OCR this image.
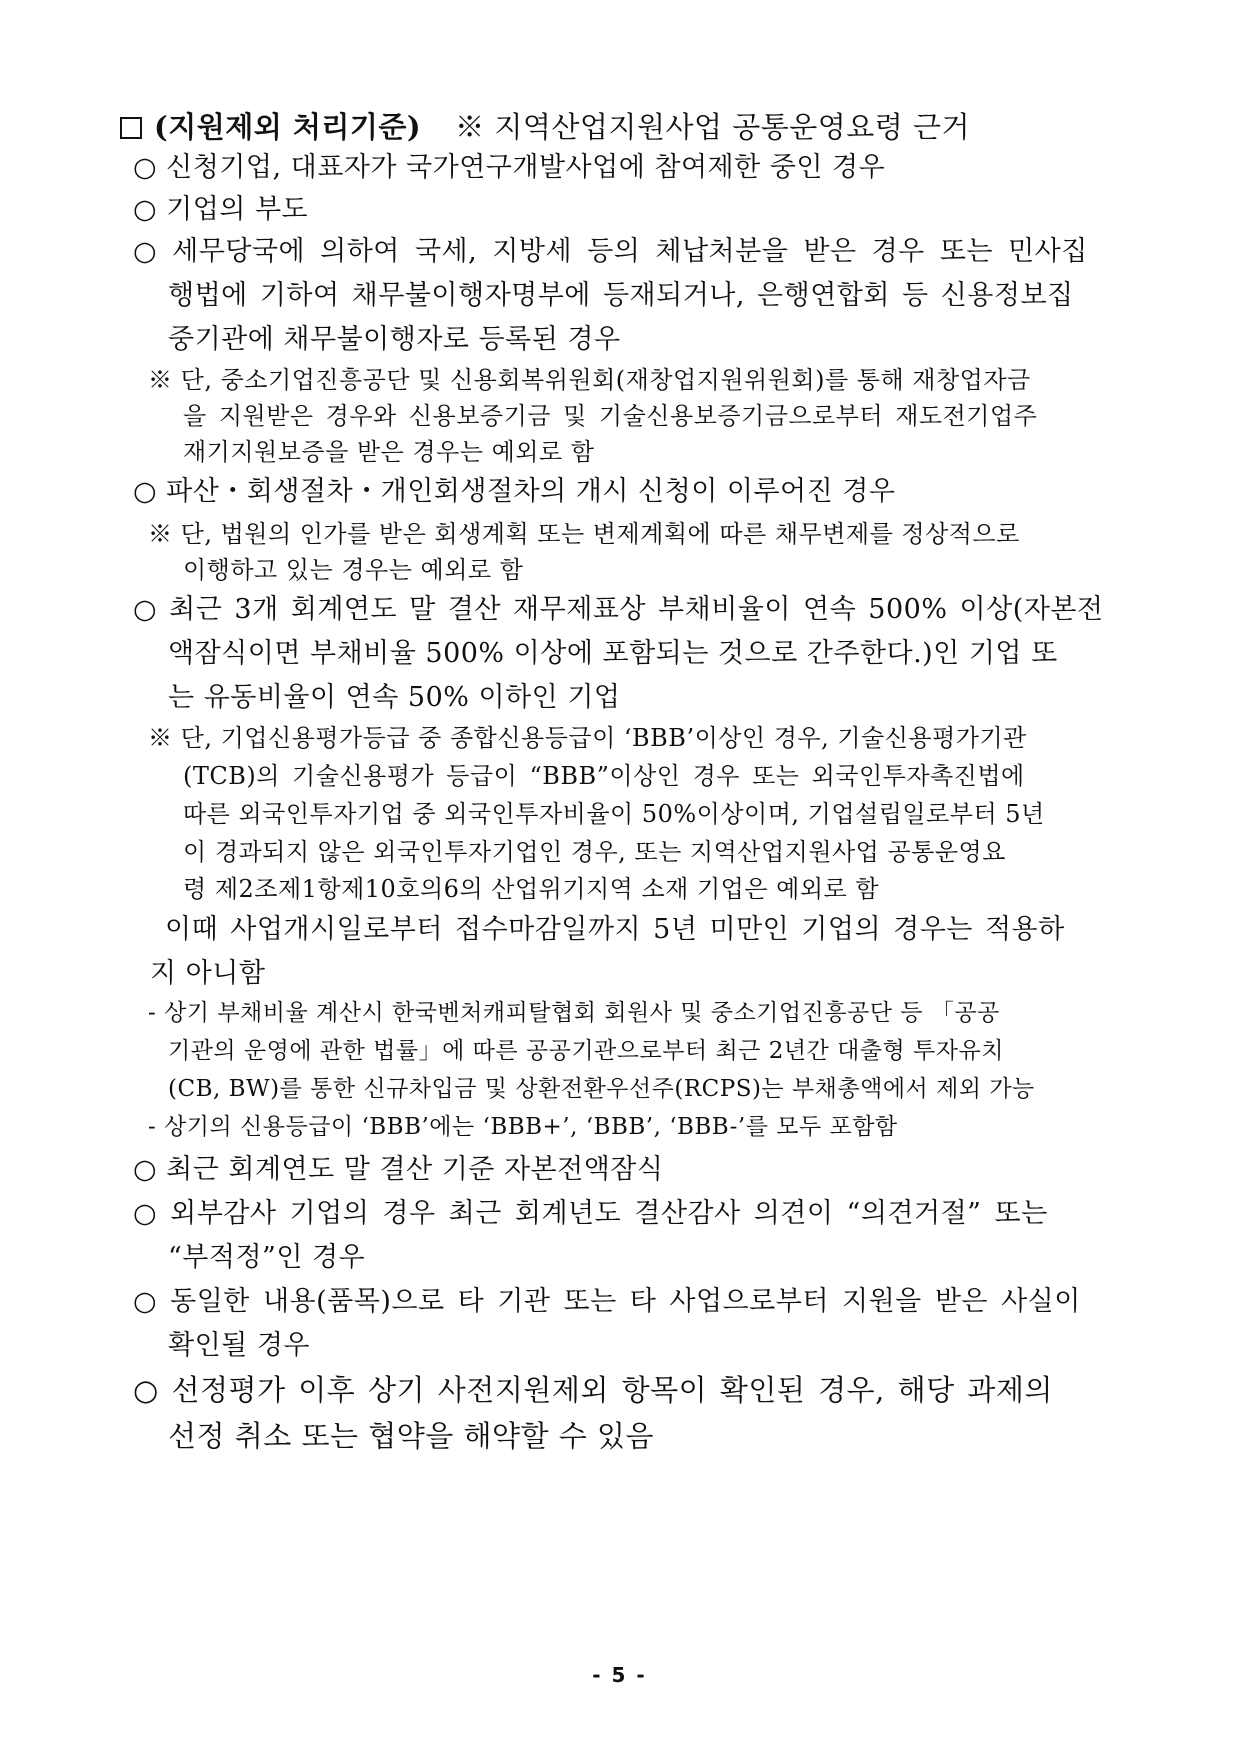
(지원제외 처리기준) ※ 지역산업지원사업 공통운영요령 근거
○ 신청기업, 대표자가 국가연구개발사업에 참여제한 중인 경우
○ 기업의 부도
○ 세무당국에 의하여 국세, 지방세 등의 체납처분을 받은 경우 또는 민사집
행법에 기하여 채무불이행자명부에 등재되거나, 은행연합회 등 신용정보집
중기관에 채무불이행자로 등록된 경우
※ 단, 중소기업진흥공단 및 신용회복위원회(재창업지원위원회)를 통해 재창업자금
을 지원받은 경우와 신용보증기금 및 기술신용보증기금으로부터 재도전기업주
재기지원보증을 받은 경우는 예외로 함
○ 파산・회생절차・개인회생절차의 개시 신청이 이루어진 경우
※ 단, 법원의 인가를 받은 회생계획 또는 변제계획에 따른 채무변제를 정상적으로
이행하고 있는 경우는 예외로 함
○ 최근 3개 회계연도 말 결산 재무제표상 부채비율이 연속 500% 이상(자본전
액잠식이면 부채비율 500% 이상에 포함되는 것으로 간주한다.)인 기업 또
는 유동비율이 연속 50% 이하인 기업
※ 단, 기업신용평가등급 중 종합신용등급이 ‘BBB’이상인 경우, 기술신용평가기관
(TCB)의 기술신용평가 등급이 “BBB”이상인 경우 또는 외국인투자촉진법에
따른 외국인투자기업 중 외국인투자비율이 50%이상이며, 기업설립일로부터 5년
이 경과되지 않은 외국인투자기업인 경우, 또는 지역산업지원사업 공통운영요
령 제2조제1항제10호의6의 산업위기지역 소재 기업은 예외로 함
이때 사업개시일로부터 접수마감일까지 5년 미만인 기업의 경우는 적용하
지 아니함
- 상기 부채비율 계산시 한국벤처캐피탈협회 회원사 및 중소기업진흥공단 등 「공공
기관의 운영에 관한 법률」에 따른 공공기관으로부터 최근 2년간 대출형 투자유치
(CB, BW)를 통한 신규차입금 및 상환전환우선주(RCPS)는 부채총액에서 제외 가능
- 상기의 신용등급이 ‘BBB’에는 ‘BBB+’, ‘BBB’, ‘BBB-’를 모두 포함함
○ 최근 회계연도 말 결산 기준 자본전액잠식
○ 외부감사 기업의 경우 최근 회계년도 결산감사 의견이 “의견거절” 또는
“부적정”인 경우
○ 동일한 내용(품목)으로 타 기관 또는 타 사업으로부터 지원을 받은 사실이
확인될 경우
○ 선정평가 이후 상기 사전지원제외 항목이 확인된 경우, 해당 과제의
선정 취소 또는 협약을 해약할 수 있음
- 5 -
